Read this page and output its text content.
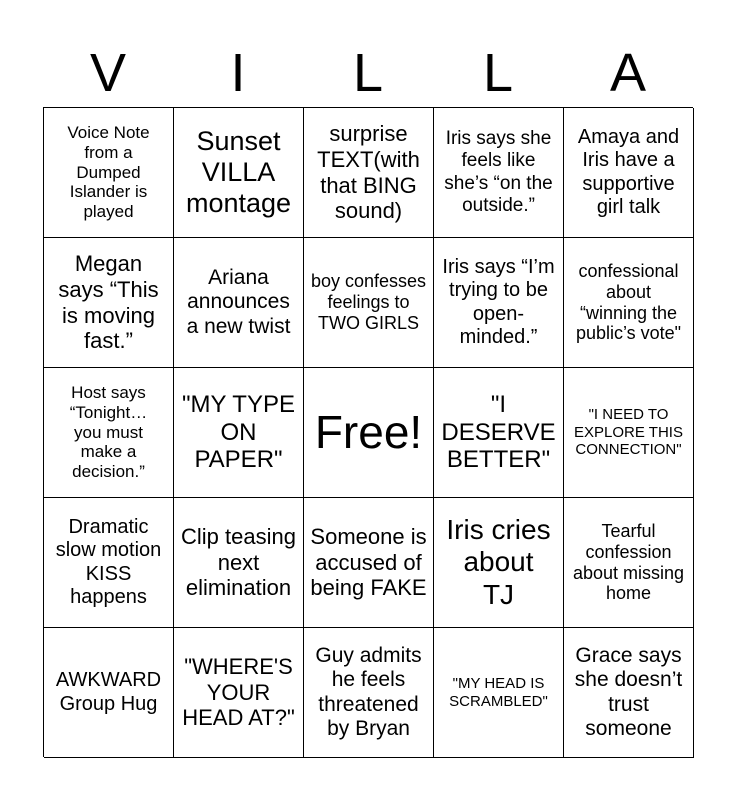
V	I	L	L	A
Voice Note from a Dumped Islander is played
Sunset VILLA montage
surprise TEXT(with that BING sound)
Iris says she feels like she’s “on the outside.”
Amaya and Iris have a supportive girl talk
Megan says “This is moving fast.”
Ariana announces a new twist
boy confesses feelings to TWO GIRLS
Iris says “I’m trying to be open-minded.”
confessional about “winning the public’s vote"
Host says “Tonight… you must make a decision.”
"MY TYPE ON PAPER"
Free!
"I DESERVE BETTER"
"I NEED TO EXPLORE THIS CONNECTION"
Dramatic slow motion KISS happens
Clip teasing next elimination
Someone is accused of being FAKE
Iris cries about TJ
Tearful confession about missing home
AWKWARD Group Hug
"WHERE'S YOUR HEAD AT?"
Guy admits he feels threatened by Bryan
"MY HEAD IS SCRAMBLED"
Grace says she doesn’t trust someone
